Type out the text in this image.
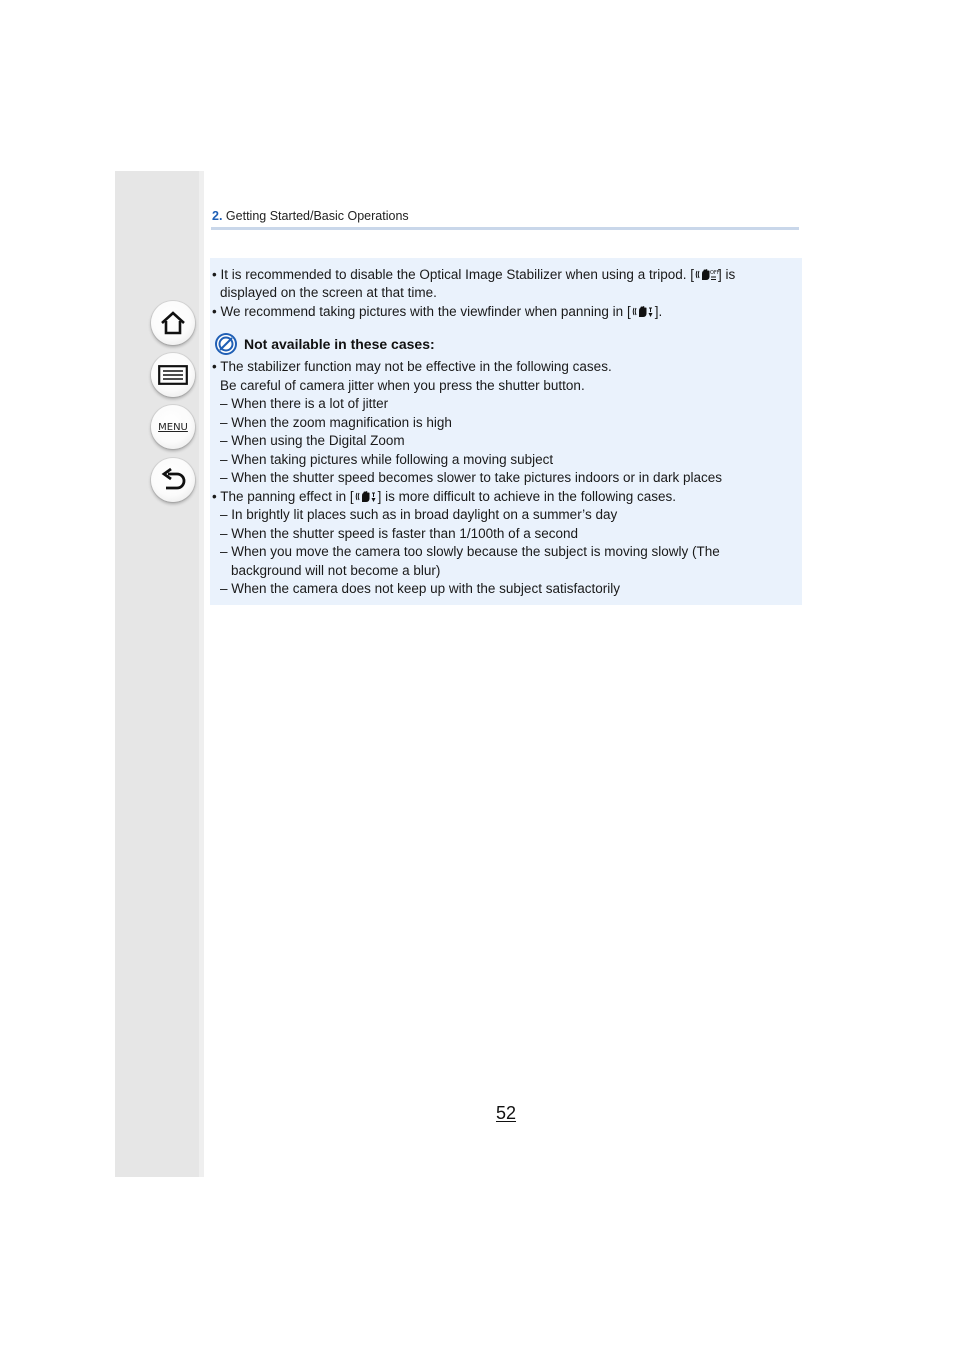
MENU
2. Getting Started/Basic Operations
• It is recommended to disable the Optical Image Stabilizer when using a tripod. [	OFF
] is
displayed on the screen at that time.
• We recommend taking pictures with the viewfinder when panning in [ ].
Not available in these cases:
• The stabilizer function may not be effective in the following cases.
Be careful of camera jitter when you press the shutter button.
– When there is a lot of jitter
– When the zoom magnification is high
– When using the Digital Zoom
– When taking pictures while following a moving subject
– When the shutter speed becomes slower to take pictures indoors or in dark places
• The panning effect in [ ] is more difficult to achieve in the following cases.
– In brightly lit places such as in broad daylight on a summer’s day
– When the shutter speed is faster than 1/100th of a second
– When you move the camera too slowly because the subject is moving slowly (The
background will not become a blur)
– When the camera does not keep up with the subject satisfactorily
52
